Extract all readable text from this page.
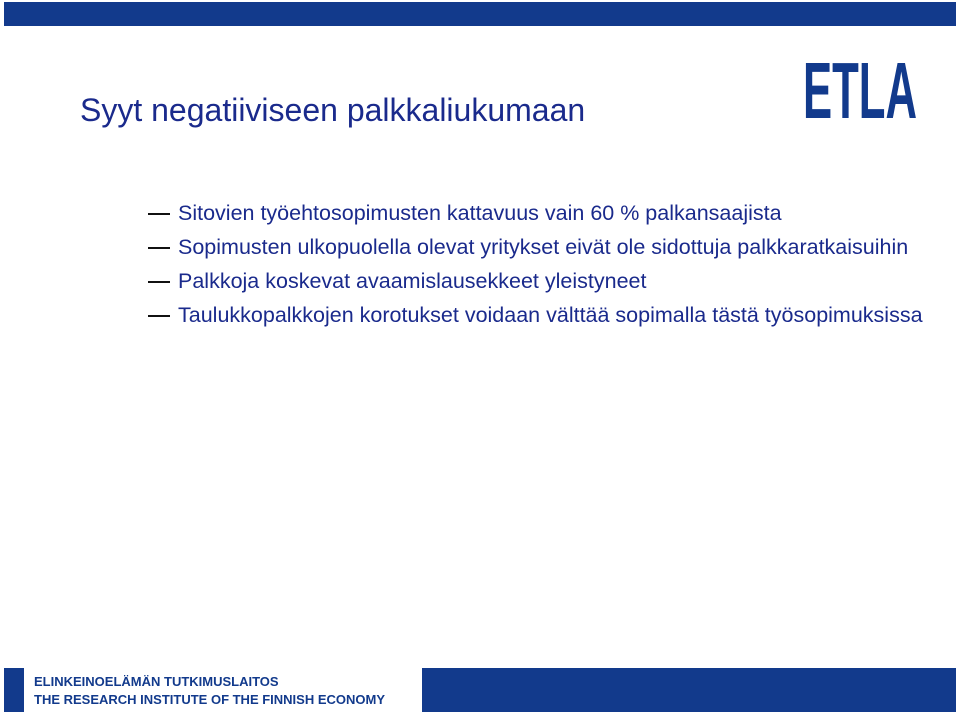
ETLA
Syyt negatiiviseen palkkaliukumaan
Sitovien työehtosopimusten kattavuus vain 60 % palkansaajista
Sopimusten ulkopuolella olevat yritykset eivät ole sidottuja palkkaratkaisuihin
Palkkoja koskevat avaamislausekkeet yleistyneet
Taulukkopalkkojen korotukset voidaan välttää sopimalla tästä työsopimuksissa
ELINKEINOELÄMÄN TUTKIMUSLAITOS
THE RESEARCH INSTITUTE OF THE FINNISH ECONOMY
